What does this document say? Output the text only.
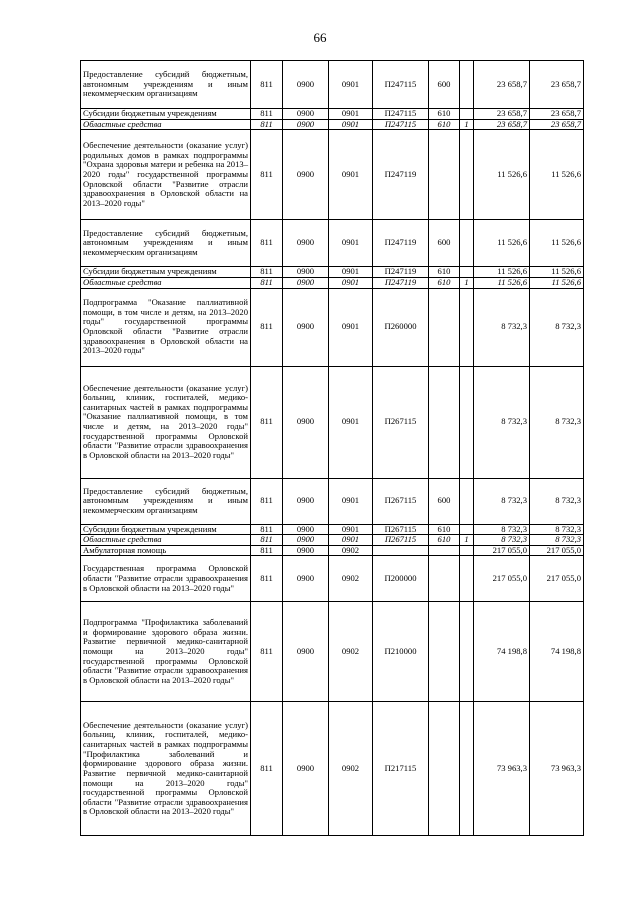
66
Предоставление субсидий бюджетным, автономным учреждениям и иным некоммерческим организациям	811	0900	0901	П247115	600		23 658,7	23 658,7
Субсидии бюджетным учреждениям	811	0900	0901	П247115	610		23 658,7	23 658,7
Областные средства	811	0900	0901	П247115	610	1	23 658,7	23 658,7
Обеспечение деятельности (оказание услуг) родильных домов в рамках подпрограммы "Охрана здоровья матери и ребенка на 2013–2020 годы" государственной программы Орловской области "Развитие отрасли здравоохранения в Орловской области на 2013–2020 годы"	811	0900	0901	П247119			11 526,6	11 526,6
Предоставление субсидий бюджетным, автономным учреждениям и иным некоммерческим организациям	811	0900	0901	П247119	600		11 526,6	11 526,6
Субсидии бюджетным учреждениям	811	0900	0901	П247119	610		11 526,6	11 526,6
Областные средства	811	0900	0901	П247119	610	1	11 526,6	11 526,6
Подпрограмма "Оказание паллиативной помощи, в том числе и детям, на 2013–2020 годы" государственной программы Орловской области "Развитие отрасли здравоохранения в Орловской области на 2013–2020 годы"	811	0900	0901	П260000			8 732,3	8 732,3
Обеспечение деятельности (оказание услуг) больниц, клиник, госпиталей, медико-санитарных частей в рамках подпрограммы "Оказание паллиативной помощи, в том числе и детям, на 2013–2020 годы" государственной программы Орловской области "Развитие отрасли здравоохранения в Орловской области на 2013–2020 годы"	811	0900	0901	П267115			8 732,3	8 732,3
Предоставление субсидий бюджетным, автономным учреждениям и иным некоммерческим организациям	811	0900	0901	П267115	600		8 732,3	8 732,3
Субсидии бюджетным учреждениям	811	0900	0901	П267115	610		8 732,3	8 732,3
Областные средства	811	0900	0901	П267115	610	1	8 732,3	8 732,3
Амбулаторная помощь	811	0900	0902				217 055,0	217 055,0
Государственная программа Орловской области "Развитие отрасли здравоохранения в Орловской области на 2013–2020 годы"	811	0900	0902	П200000			217 055,0	217 055,0
Подпрограмма "Профилактика заболеваний и формирование здорового образа жизни. Развитие первичной медико-санитарной помощи на 2013–2020 годы" государственной программы Орловской области "Развитие отрасли здравоохранения в Орловской области на 2013–2020 годы"	811	0900	0902	П210000			74 198,8	74 198,8
Обеспечение деятельности (оказание услуг) больниц, клиник, госпиталей, медико-санитарных частей в рамках подпрограммы "Профилактика заболеваний и формирование здорового образа жизни. Развитие первичной медико-санитарной помощи на 2013–2020 годы" государственной программы Орловской области "Развитие отрасли здравоохранения в Орловской области на 2013–2020 годы"	811	0900	0902	П217115			73 963,3	73 963,3
